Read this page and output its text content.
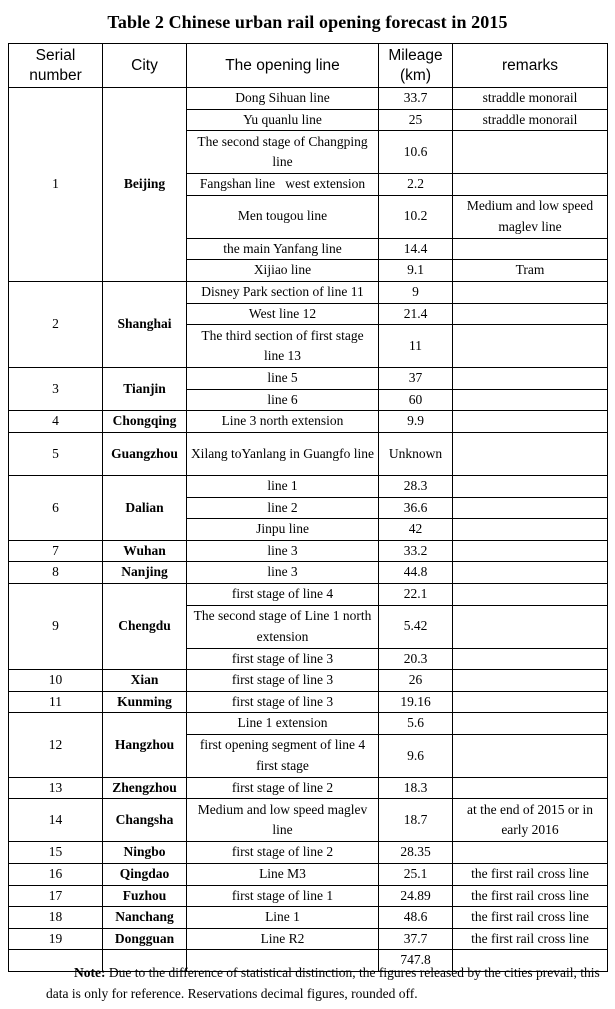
Table 2 Chinese urban rail opening forecast in 2015
Serial number	City	The opening line	Mileage (km)	remarks
1	Beijing	Dong Sihuan line	33.7	straddle monorail
		Yu quanlu line	25	straddle monorail
		The second stage of Changping line	10.6	
		Fangshan line   west extension	2.2	
		Men tougou line	10.2	Medium and low speed maglev line
		the main Yanfang line	14.4	
		Xijiao line	9.1	Tram
2	Shanghai	Disney Park section of line 11	9	
		West line 12	21.4	
		The third section of first stage line 13	11	
3	Tianjin	line 5	37	
		line 6	60	
4	Chongqing	Line 3 north extension	9.9	
5	Guangzhou	Xilang toYanlang in Guangfo line	Unknown	
6	Dalian	line 1	28.3	
		line 2	36.6	
		Jinpu line	42	
7	Wuhan	line 3	33.2	
8	Nanjing	line 3	44.8	
9	Chengdu	first stage of line 4	22.1	
		The second stage of Line 1 north extension	5.42	
		first stage of line 3	20.3	
10	Xian	first stage of line 3	26	
11	Kunming	first stage of line 3	19.16	
12	Hangzhou	Line 1 extension	5.6	
		first opening segment of line 4 first stage	9.6	
13	Zhengzhou	first stage of line 2	18.3	
14	Changsha	Medium and low speed maglev line	18.7	at the end of 2015 or in early 2016
15	Ningbo	first stage of line 2	28.35	
16	Qingdao	Line M3	25.1	the first rail cross line
17	Fuzhou	first stage of line 1	24.89	the first rail cross line
18	Nanchang	Line 1	48.6	the first rail cross line
19	Dongguan	Line R2	37.7	the first rail cross line
			747.8	
Note: Due to the difference of statistical distinction, the figures released by the cities prevail, this data is only for reference. Reservations decimal figures, rounded off.
